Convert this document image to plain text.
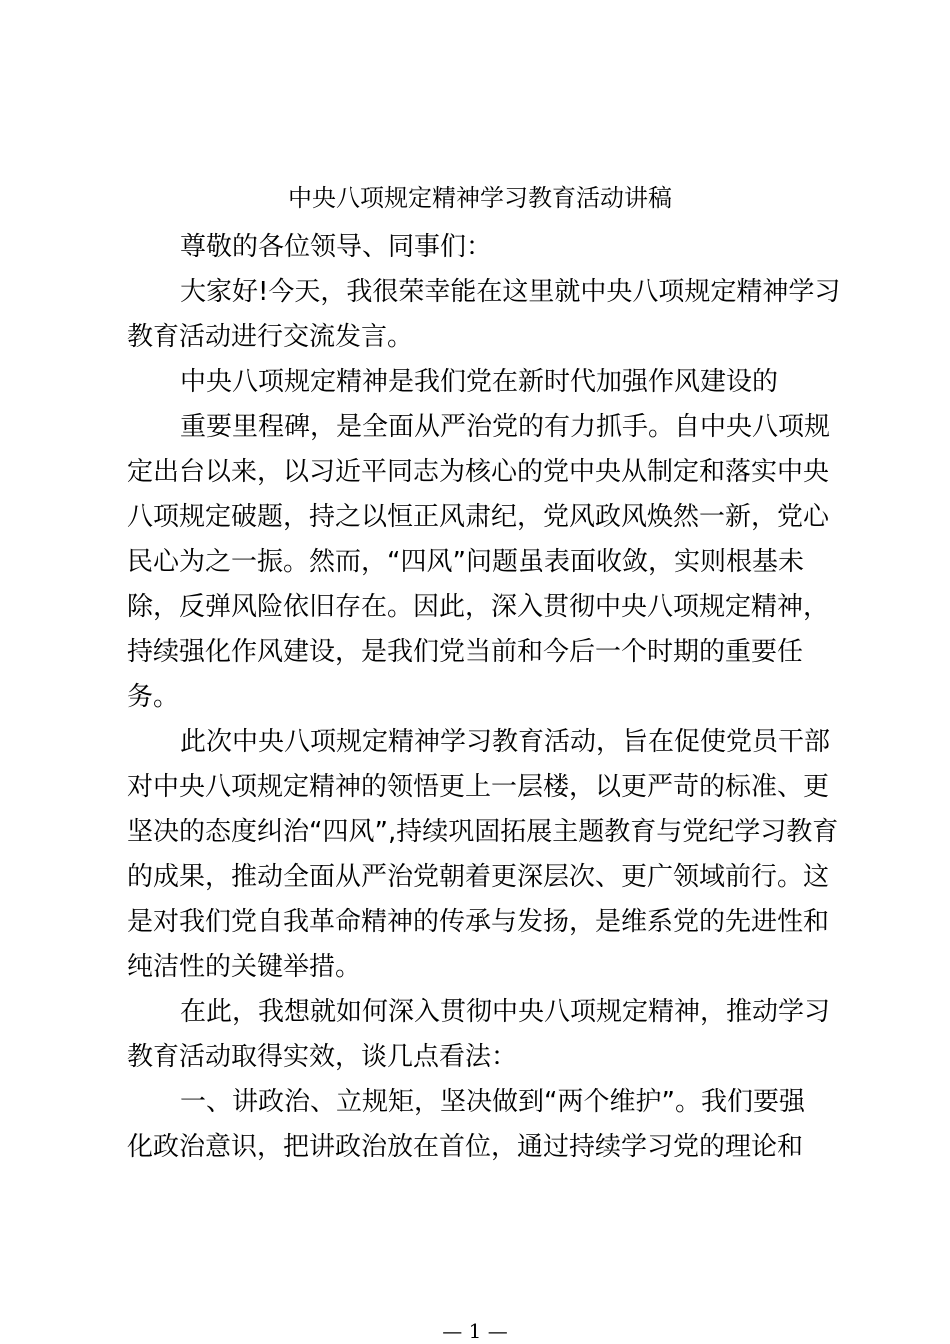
中央八项规定精神学习教育活动讲稿
尊敬的各位领导、同事们：
大家好!今天，我很荣幸能在这里就中央八项规定精神学习
教育活动进行交流发言。
中央八项规定精神是我们党在新时代加强作风建设的
重要里程碑，是全面从严治党的有力抓手。自中央八项规
定出台以来，以习近平同志为核心的党中央从制定和落实中央
八项规定破题，持之以恒正风肃纪，党风政风焕然一新，党心
民心为之一振。然而，“四风”问题虽表面收敛，实则根基未
除，反弹风险依旧存在。因此，深入贯彻中央八项规定精神，
持续强化作风建设，是我们党当前和今后一个时期的重要任
务。
此次中央八项规定精神学习教育活动，旨在促使党员干部
对中央八项规定精神的领悟更上一层楼，以更严苛的标准、更
坚决的态度纠治“四风”,持续巩固拓展主题教育与党纪学习教育
的成果，推动全面从严治党朝着更深层次、更广领域前行。这
是对我们党自我革命精神的传承与发扬，是维系党的先进性和
纯洁性的关键举措。
在此，我想就如何深入贯彻中央八项规定精神，推动学习
教育活动取得实效，谈几点看法：
一、讲政治、立规矩，坚决做到“两个维护”。我们要强
化政治意识，把讲政治放在首位，通过持续学习党的理论和
— 1 —
